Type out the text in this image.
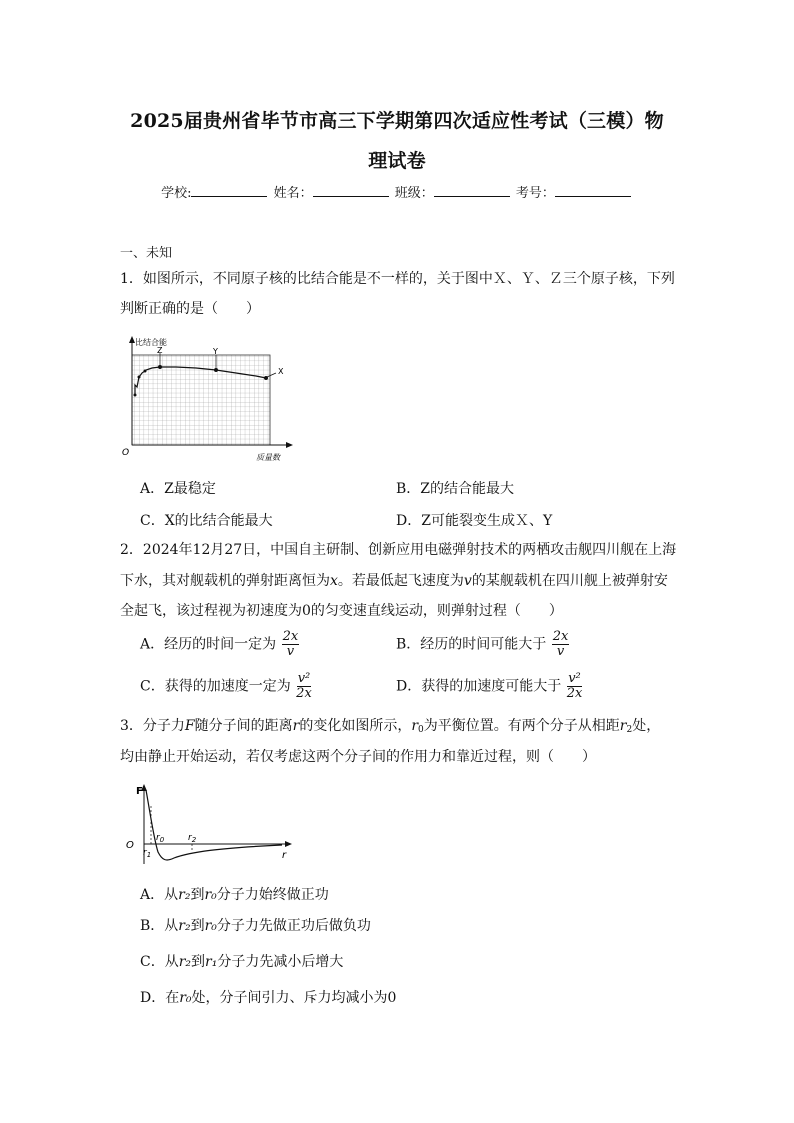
2025届贵州省毕节市高三下学期第四次适应性考试（三模）物
理试卷
学校:	姓名：	班级：	考号：
一、未知
1．如图所示，不同原子核的比结合能是不一样的，关于图中Ｘ、Ｙ、Ｚ三个原子核，下列
判断正确的是（　　）
比结合能
Z	Y
X
O	质量数
A．Z最稳定	B．Z的结合能最大
C．X的比结合能最大	D．Z可能裂变生成Ｘ、Y
2．2024年12月27日，中国自主研制、创新应用电磁弹射技术的两栖攻击舰四川舰在上海
下水，其对舰载机的弹射距离恒为x。若最低起飞速度为v的某舰载机在四川舰上被弹射安
全起飞，该过程视为初速度为0的匀变速直线运动，则弹射过程（　　）
A．经历的时间一定为 $\frac{2x}{v}$	B．经历的时间可能大于 $\frac{2x}{v}$
C．获得的加速度一定为 $\frac{\text{v²}}{2x}$	D．获得的加速度可能大于 $\frac{\text{v²}}{2x}$
3．分子力F随分子间的距离r的变化如图所示，$r_0$为平衡位置。有两个分子从相距$r_2$处，
均由静止开始运动，若仅考虑这两个分子间的作用力和靠近过程，则（　　）
F
O
r
$r_0$
$r_1$
$r_2$
A．从r₂到r₀分子力始终做正功
B．从r₂到r₀分子力先做正功后做负功
C．从r₂到r₁分子力先减小后增大
D．在r₀处，分子间引力、斥力均减小为0
